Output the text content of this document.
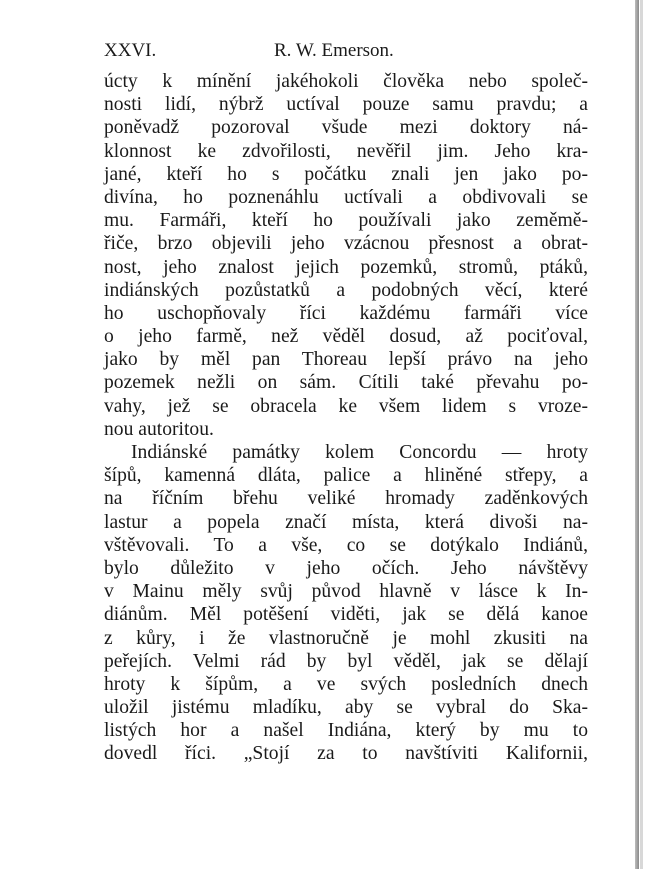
XXVI.	R. W. Emerson.
úcty k mínění jakéhokoli člověka nebo společ-
nosti lidí, nýbrž uctíval pouze samu pravdu; a
poněvadž pozoroval všude mezi doktory ná-
klonnost ke zdvořilosti, nevěřil jim. Jeho kra-
jané, kteří ho s počátku znali jen jako po-
divína, ho poznenáhlu uctívali a obdivovali se
mu. Farmáři, kteří ho používali jako zeměmě-
řiče, brzo objevili jeho vzácnou přesnost a obrat-
nost, jeho znalost jejich pozemků, stromů, ptáků,
indiánských pozůstatků a podobných věcí, které
ho uschopňovaly říci každému farmáři více
o jeho farmě, než věděl dosud, až pociťoval,
jako by měl pan Thoreau lepší právo na jeho
pozemek nežli on sám. Cítili také převahu po-
vahy, jež se obracela ke všem lidem s vroze-
nou autoritou.
Indiánské památky kolem Concordu — hroty
šípů, kamenná dláta, palice a hliněné střepy, a
na říčním břehu veliké hromady zaděnkových
lastur a popela značí místa, která divoši na-
vštěvovali. To a vše, co se dotýkalo Indiánů,
bylo důležito v jeho očích. Jeho návštěvy
v Mainu měly svůj původ hlavně v lásce k In-
diánům. Měl potěšení viděti, jak se dělá kanoe
z kůry, i že vlastnoručně je mohl zkusiti na
peřejích. Velmi rád by byl věděl, jak se dělají
hroty k šípům, a ve svých posledních dnech
uložil jistému mladíku, aby se vybral do Ska-
listých hor a našel Indiána, který by mu to
dovedl říci. „Stojí za to navštíviti Kalifornii,
